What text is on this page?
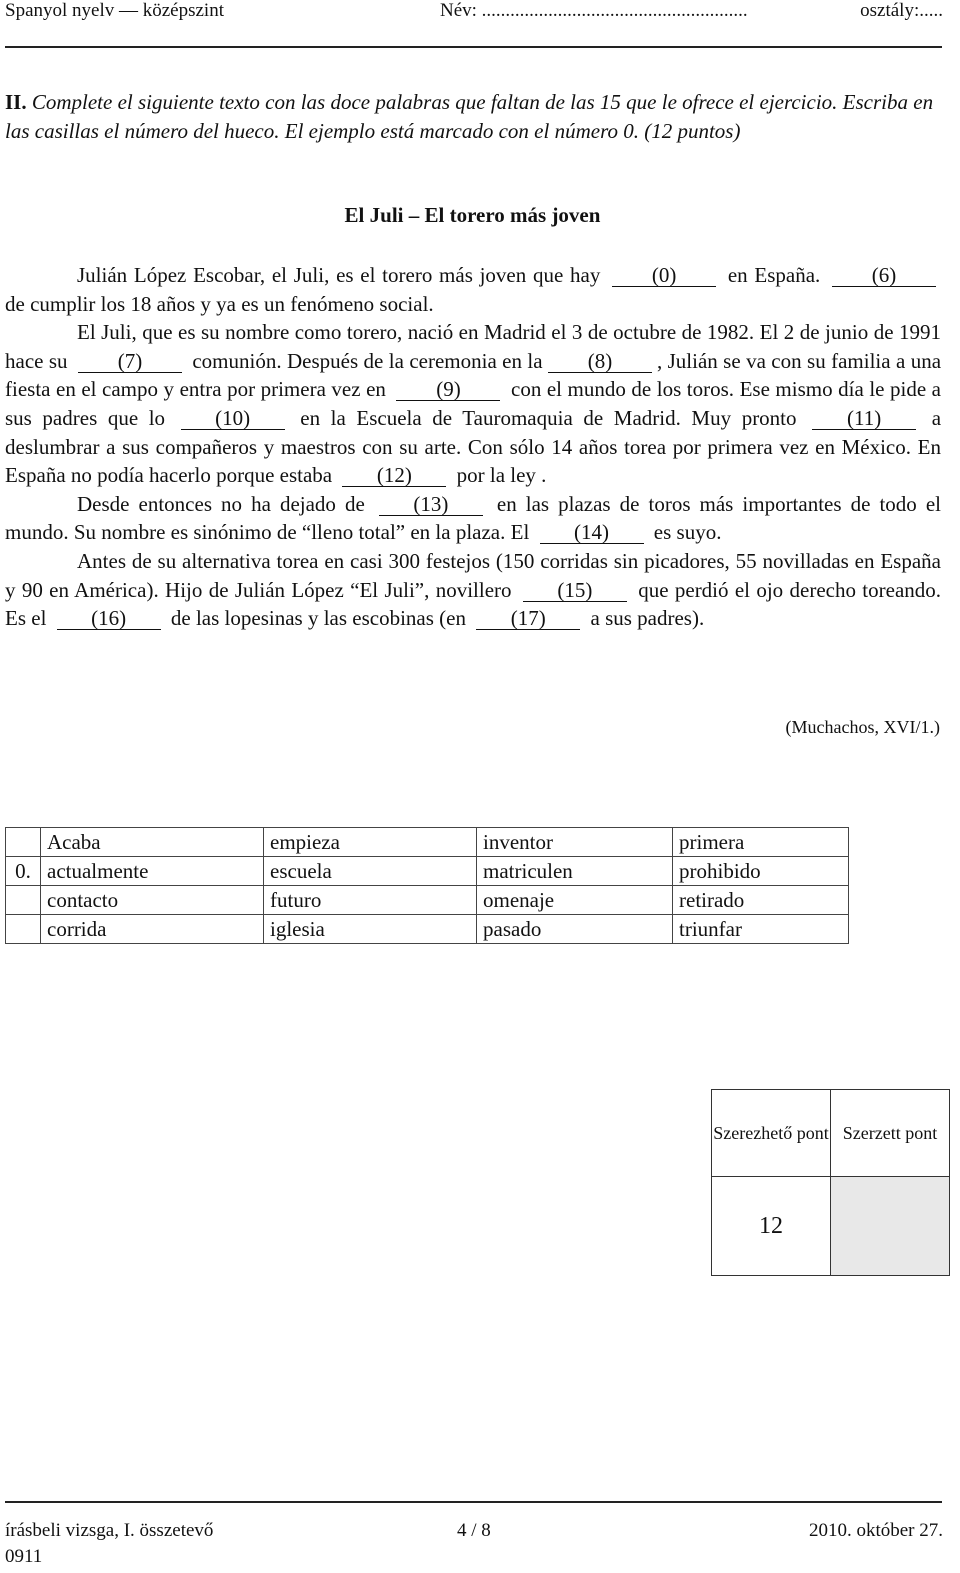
Spanyol nyelv — középszint	Név: ........................................................	osztály:.....
II. Complete el siguiente texto con las doce palabras que faltan de las 15 que le ofrece el ejercicio. Escriba en las casillas el número del hueco. El ejemplo está marcado con el número 0. (12 puntos)
El Juli – El torero más joven

Julián López Escobar, el Juli, es el torero más joven que hay (0) en España. (6) de cumplir los 18 años y ya es un fenómeno social.

El Juli, que es su nombre como torero, nació en Madrid el 3 de octubre de 1982. El 2 de junio de 1991 hace su (7) comunión. Después de la ceremonia en la (8) , Julián se va con su familia a una fiesta en el campo y entra por primera vez en (9) con el mundo de los toros. Ese mismo día le pide a sus padres que lo (10) en la Escuela de Tauromaquia de Madrid. Muy pronto (11) a deslumbrar a sus compañeros y maestros con su arte. Con sólo 14 años torea por primera vez en México. En España no podía hacerlo porque estaba (12) por la ley .

Desde entonces no ha dejado de (13) en las plazas de toros más importantes de todo el mundo. Su nombre es sinónimo de “lleno total” en la plaza. El (14) es suyo.

Antes de su alternativa torea en casi 300 festejos (150 corridas sin picadores, 55 novilladas en España y 90 en América). Hijo de Julián López “El Juli”, novillero (15) que perdió el ojo derecho toreando. Es el (16) de las lopesinas y las escobinas (en (17) a sus padres).

(Muchachos, XVI/1.)
	Acaba	empieza	inventor	primera
0.	actualmente	escuela	matriculen	prohibido
	contacto	futuro	omenaje	retirado
	corrida	iglesia	pasado	triunfar
Szerezhető pont	Szerzett pont
12	
írásbeli vizsga, I. összetevő
0911
4 / 8	2010. október 27.
